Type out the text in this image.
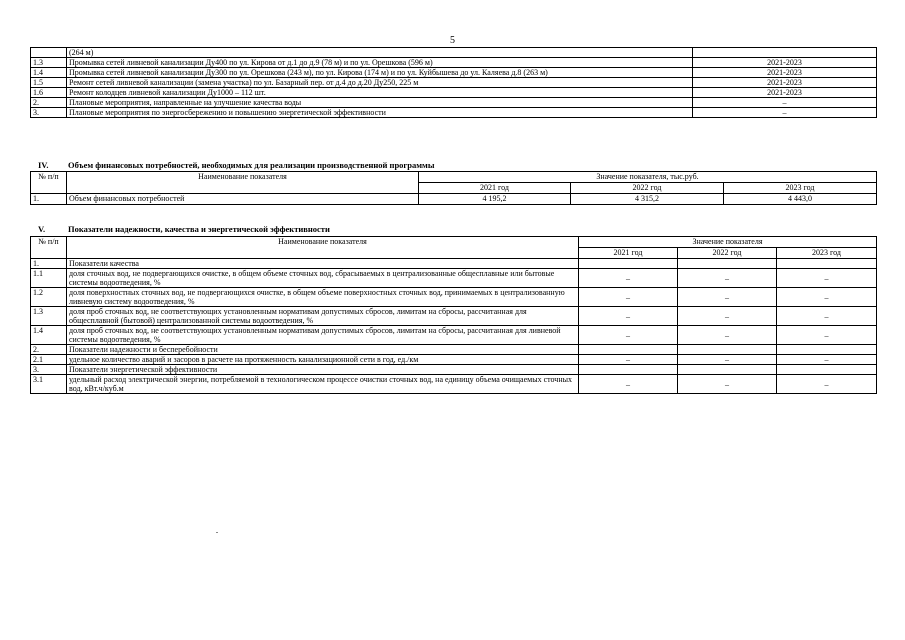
5
	(264 м)	
1.3	Промывка сетей ливневой канализации Ду400 по ул. Кирова от д.1 до д.9 (78 м) и по ул. Орешкова (596 м)	2021-2023
1.4	Промывка сетей ливневой канализации Ду300 по ул. Орешкова (243 м), по ул. Кирова (174 м) и по ул. Куйбышева до ул. Каляева д.8 (263 м)	2021-2023
1.5	Ремонт сетей ливневой канализации (замена участка) по ул. Базарный пер. от д.4 до д.20 Ду250, 225 м	2021-2023
1.6	Ремонт колодцев ливневой канализации Ду1000 – 112 шт.	2021-2023
2.	Плановые мероприятия, направленные на улучшение качества воды	–
3.	Плановые мероприятия по энергосбережению и повышению энергетической эффективности	–
IV. Объем финансовых потребностей, необходимых для реализации производственной программы
№ п/п	Наименование показателя	Значение показателя, тыс.руб.		
		2021 год	2022 год	2023 год
1.	Объем финансовых потребностей	4 195,2	4 315,2	4 443,0
V.	Показатели надежности, качества и энергетической эффективности
№ п/п	Наименование показателя	Значение показателя		
		2021 год	2022 год	2023 год
1.	Показатели качества			
1.1	доля сточных вод, не подвергающихся очистке, в общем объеме сточных вод, сбрасываемых в централизованные общесплавные или бытовые системы водоотведения, %	–	–	–
1.2	доля поверхностных сточных вод, не подвергающихся очистке, в общем объеме поверхностных сточных вод, принимаемых в централизованную ливневую систему водоотведения, %	–	–	–
1.3	доля проб сточных вод, не соответствующих установленным нормативам допустимых сбросов, лимитам на сбросы, рассчитанная для общесплавной (бытовой) централизованной системы водоотведения, %	–	–	–
1.4	доля проб сточных вод, не соответствующих установленным нормативам допустимых сбросов, лимитам на сбросы, рассчитанная для ливневой системы водоотведения, %	–	–	–
2.	Показатели надежности и бесперебойности			
2.1	удельное количество аварий и засоров в расчете на протяженность канализационной сети в год, ед./км	–	–	–
3.	Показатели энергетической эффективности			
3.1	удельный расход электрической энергии, потребляемой в технологическом процессе очистки сточных вод, на единицу объема очищаемых сточных вод, кВт.ч/куб.м	–	–	–
